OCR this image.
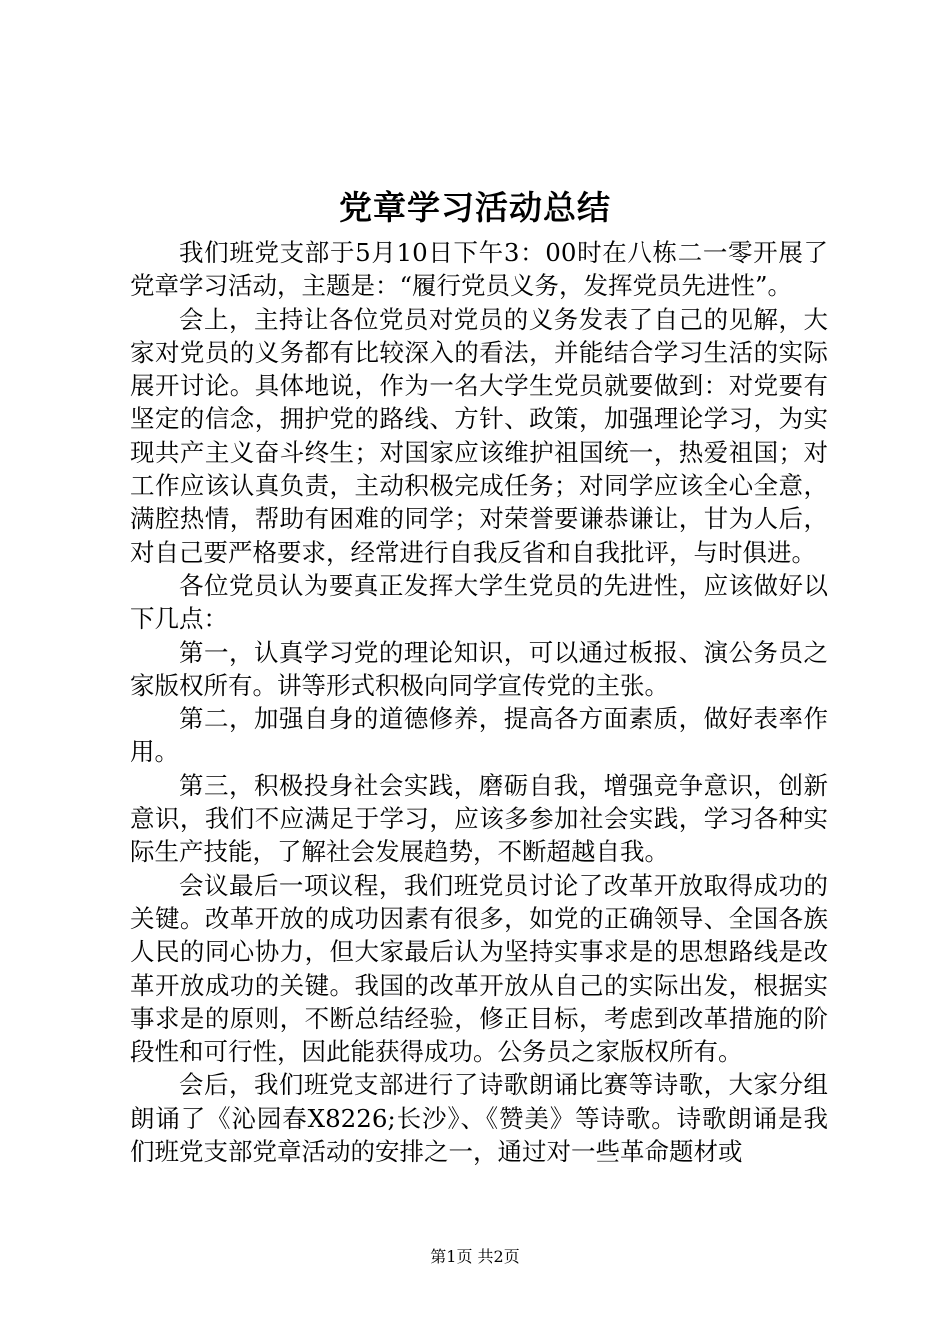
党章学习活动总结

我们班党支部于5月10日下午3：00时在八栋二一零开展了党章学习活动，主题是：“履行党员义务，发挥党员先进性”。

会上，主持让各位党员对党员的义务发表了自己的见解，大家对党员的义务都有比较深入的看法，并能结合学习生活的实际展开讨论。具体地说，作为一名大学生党员就要做到：对党要有坚定的信念，拥护党的路线、方针、政策，加强理论学习，为实现共产主义奋斗终生；对国家应该维护祖国统一，热爱祖国；对工作应该认真负责，主动积极完成任务；对同学应该全心全意，满腔热情，帮助有困难的同学；对荣誉要谦恭谦让，甘为人后，对自己要严格要求，经常进行自我反省和自我批评，与时俱进。

各位党员认为要真正发挥大学生党员的先进性，应该做好以下几点：

第一，认真学习党的理论知识，可以通过板报、演公务员之家版权所有。讲等形式积极向同学宣传党的主张。

第二，加强自身的道德修养，提高各方面素质，做好表率作用。

第三，积极投身社会实践，磨砺自我，增强竞争意识，创新意识，我们不应满足于学习，应该多参加社会实践，学习各种实际生产技能，了解社会发展趋势，不断超越自我。

会议最后一项议程，我们班党员讨论了改革开放取得成功的关键。改革开放的成功因素有很多，如党的正确领导、全国各族人民的同心协力，但大家最后认为坚持实事求是的思想路线是改革开放成功的关键。我国的改革开放从自己的实际出发，根据实事求是的原则，不断总结经验，修正目标，考虑到改革措施的阶段性和可行性，因此能获得成功。公务员之家版权所有。

会后，我们班党支部进行了诗歌朗诵比赛等诗歌，大家分组朗诵了《沁园春X8226;长沙》、《赞美》等诗歌。诗歌朗诵是我们班党支部党章活动的安排之一，通过对一些革命题材或

第1页 共2页
